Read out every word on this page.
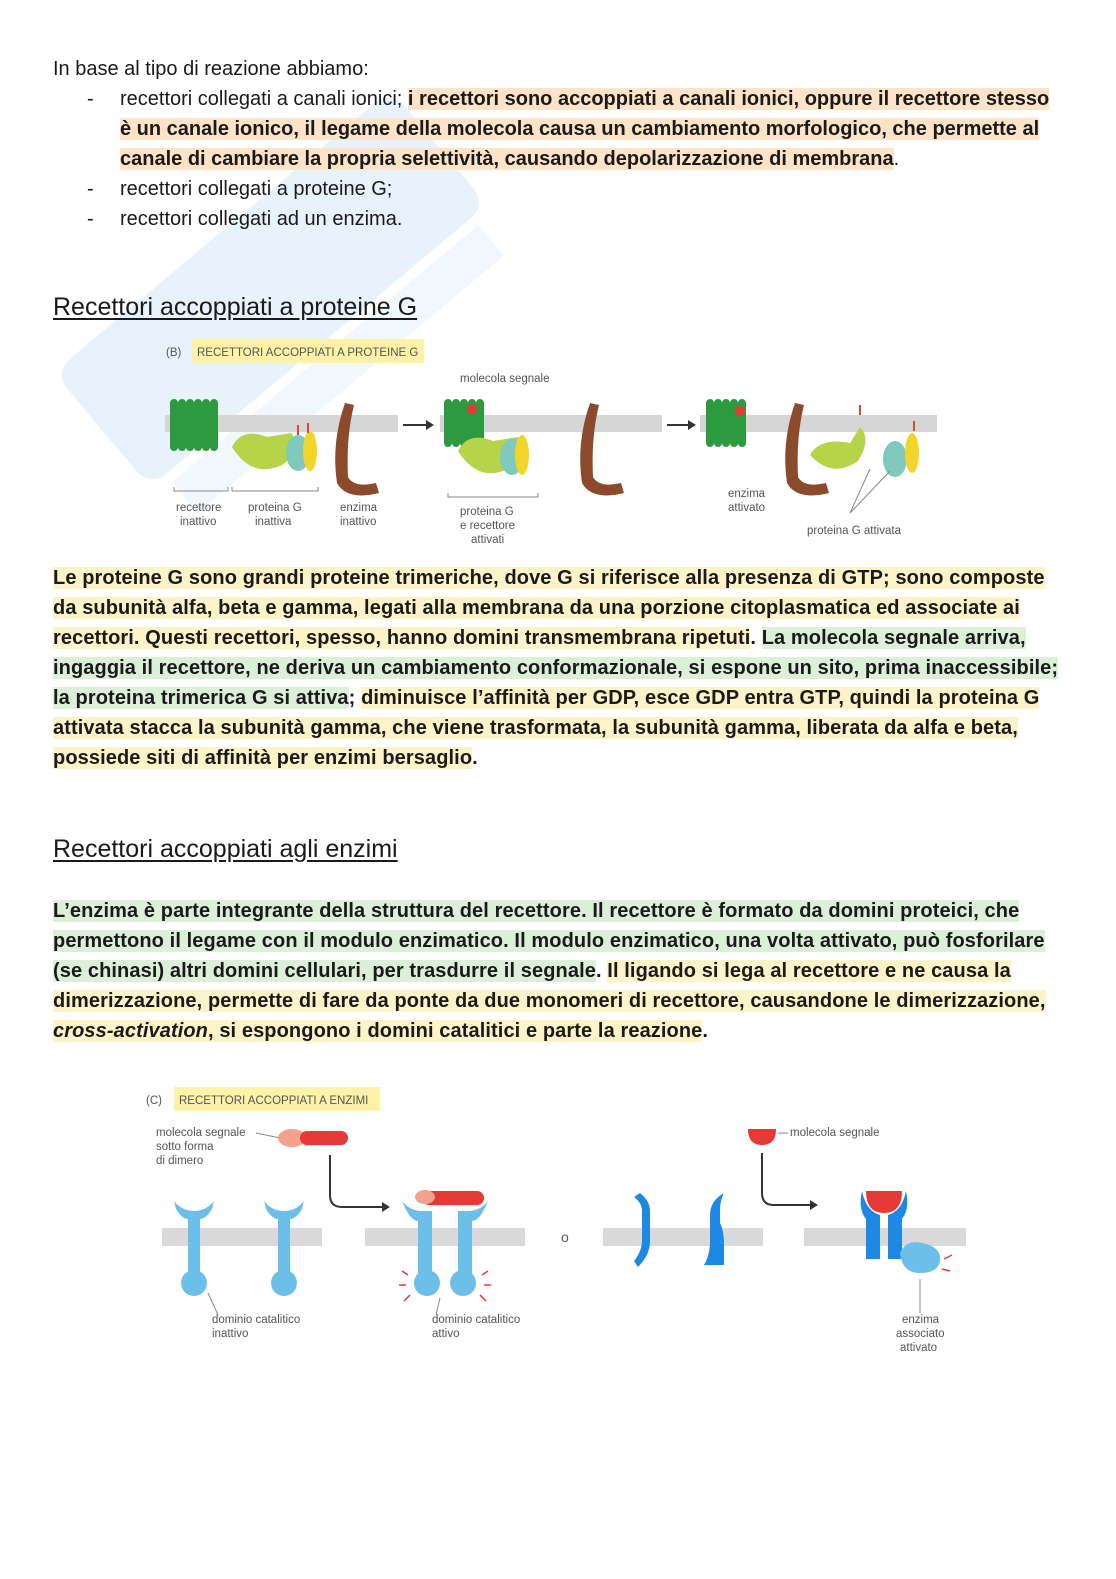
In base al tipo di reazione abbiamo:
- recettori collegati a canali ionici; i recettori sono accoppiati a canali ionici, oppure il recettore stesso è un canale ionico, il legame della molecola causa un cambiamento morfologico, che permette al canale di cambiare la propria selettività, causando depolarizzazione di membrana.
- recettori collegati a proteine G;
- recettori collegati ad un enzima.
Recettori accoppiati a proteine G
(B) RECETTORI ACCOPPIATI A PROTEINE G
recettore
inattivo
proteina G
inattiva
enzima
inattivo
molecola segnale
proteina G
e recettore
attivati
enzima
attivato
proteina G attivata
Le proteine G sono grandi proteine trimeriche, dove G si riferisce alla presenza di GTP; sono composte da subunità alfa, beta e gamma, legati alla membrana da una porzione citoplasmatica ed associate ai recettori. Questi recettori, spesso, hanno domini transmembrana ripetuti. La molecola segnale arriva, ingaggia il recettore, ne deriva un cambiamento conformazionale, si espone un sito, prima inaccessibile; la proteina trimerica G si attiva; diminuisce l’affinità per GDP, esce GDP entra GTP, quindi la proteina G attivata stacca la subunità gamma, che viene trasformata, la subunità gamma, liberata da alfa e beta, possiede siti di affinità per enzimi bersaglio.
Recettori accoppiati agli enzimi
L’enzima è parte integrante della struttura del recettore. Il recettore è formato da domini proteici, che permettono il legame con il modulo enzimatico. Il modulo enzimatico, una volta attivato, può fosforilare (se chinasi) altri domini cellulari, per trasdurre il segnale. Il ligando si lega al recettore e ne causa la dimerizzazione, permette di fare da ponte da due monomeri di recettore, causandone le dimerizzazione, cross-activation, si espongono i domini catalitici e parte la reazione.
(C) RECETTORI ACCOPPIATI A ENZIMI
molecola segnale
sotto forma
di dimero
o
molecola segnale
dominio catalitico
inattivo
dominio catalitico
attivo
enzima
associato
attivato
